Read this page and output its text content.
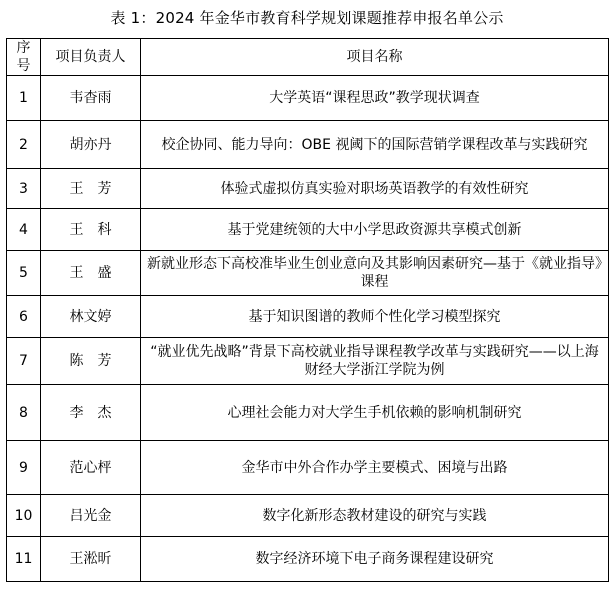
表 1：2024 年金华市教育科学规划课题推荐申报名单公示
序号	项目负责人	项目名称
1	韦杳雨	大学英语“课程思政”教学现状调查
2	胡亦丹	校企协同、能力导向：OBE 视阈下的国际营销学课程改革与实践研究
3	王　芳	体验式虚拟仿真实验对职场英语教学的有效性研究
4	王　科	基于党建统领的大中小学思政资源共享模式创新
5	王　盛	新就业形态下高校准毕业生创业意向及其影响因素研究—基于《就业指导》课程
6	林文婷	基于知识图谱的教师个性化学习模型探究
7	陈　芳	“就业优先战略”背景下高校就业指导课程教学改革与实践研究——以上海财经大学浙江学院为例
8	李　杰	心理社会能力对大学生手机依赖的影响机制研究
9	范心枰	金华市中外合作办学主要模式、困境与出路
10	吕光金	数字化新形态教材建设的研究与实践
11	王淞昕	数字经济环境下电子商务课程建设研究
